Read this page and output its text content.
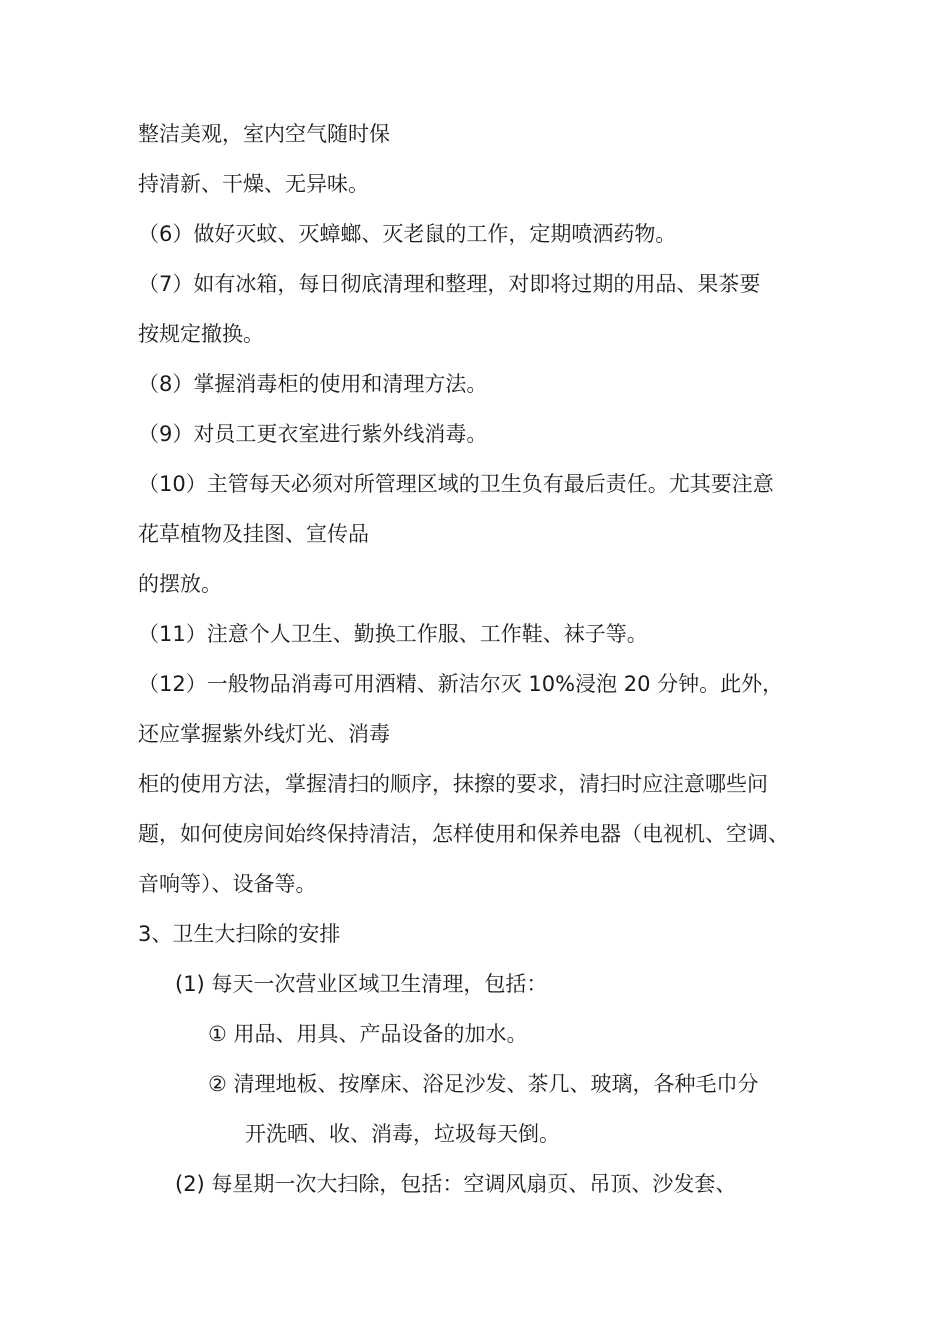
整洁美观，室内空气随时保
持清新、干燥、无异味。
（6）做好灭蚊、灭蟑螂、灭老鼠的工作，定期喷洒药物。
（7）如有冰箱，每日彻底清理和整理，对即将过期的用品、果茶要
按规定撤换。
（8）掌握消毒柜的使用和清理方法。
（9）对员工更衣室进行紫外线消毒。
（10）主管每天必须对所管理区域的卫生负有最后责任。尤其要注意
花草植物及挂图、宣传品
的摆放。
（11）注意个人卫生、勤换工作服、工作鞋、袜子等。
（12）一般物品消毒可用酒精、新洁尔灭 10%浸泡 20 分钟。此外，
还应掌握紫外线灯光、消毒
柜的使用方法，掌握清扫的顺序，抹擦的要求，清扫时应注意哪些问
题，如何使房间始终保持清洁，怎样使用和保养电器（电视机、空调、
音响等）、设备等。
3、卫生大扫除的安排
(1) 每天一次营业区域卫生清理，包括：
① 用品、用具、产品设备的加水。
② 清理地板、按摩床、浴足沙发、茶几、玻璃，各种毛巾分
开洗晒、收、消毒，垃圾每天倒。
(2) 每星期一次大扫除，包括：空调风扇页、吊顶、沙发套、
